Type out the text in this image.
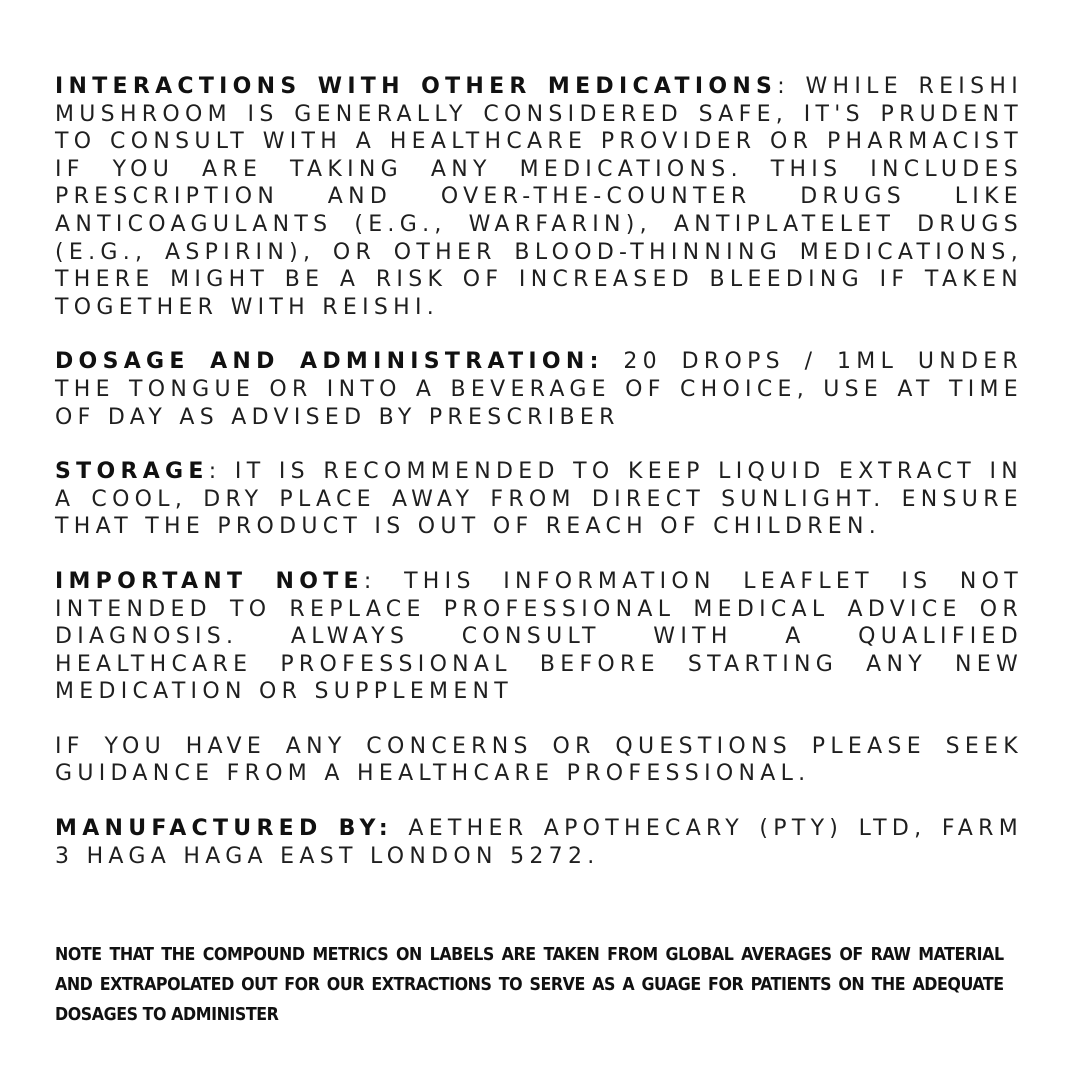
INTERACTIONS WITH OTHER MEDICATIONS: WHILE REISHI MUSHROOM IS GENERALLY CONSIDERED SAFE, IT'S PRUDENT TO CONSULT WITH A HEALTHCARE PROVIDER OR PHARMACIST IF YOU ARE TAKING ANY MEDICATIONS. THIS INCLUDES PRESCRIPTION AND OVER-THE-COUNTER DRUGS LIKE ANTICOAGULANTS (E.G., WARFARIN), ANTIPLATELET DRUGS (E.G., ASPIRIN), OR OTHER BLOOD-THINNING MEDICATIONS, THERE MIGHT BE A RISK OF INCREASED BLEEDING IF TAKEN TOGETHER WITH REISHI.

DOSAGE AND ADMINISTRATION: 20 DROPS / 1ML UNDER THE TONGUE OR INTO A BEVERAGE OF CHOICE, USE AT TIME OF DAY AS ADVISED BY PRESCRIBER

STORAGE: IT IS RECOMMENDED TO KEEP LIQUID EXTRACT IN A COOL, DRY PLACE AWAY FROM DIRECT SUNLIGHT. ENSURE THAT THE PRODUCT IS OUT OF REACH OF CHILDREN.

IMPORTANT NOTE: THIS INFORMATION LEAFLET IS NOT INTENDED TO REPLACE PROFESSIONAL MEDICAL ADVICE OR DIAGNOSIS. ALWAYS CONSULT WITH A QUALIFIED HEALTHCARE PROFESSIONAL BEFORE STARTING ANY NEW MEDICATION OR SUPPLEMENT

IF YOU HAVE ANY CONCERNS OR QUESTIONS PLEASE SEEK GUIDANCE FROM A HEALTHCARE PROFESSIONAL.

MANUFACTURED BY: AETHER APOTHECARY (PTY) LTD, FARM 3 HAGA HAGA EAST LONDON 5272.

NOTE THAT THE COMPOUND METRICS ON LABELS ARE TAKEN FROM GLOBAL AVERAGES OF RAW MATERIAL AND EXTRAPOLATED OUT FOR OUR EXTRACTIONS TO SERVE AS A GUAGE FOR PATIENTS ON THE ADEQUATE DOSAGES TO ADMINISTER
